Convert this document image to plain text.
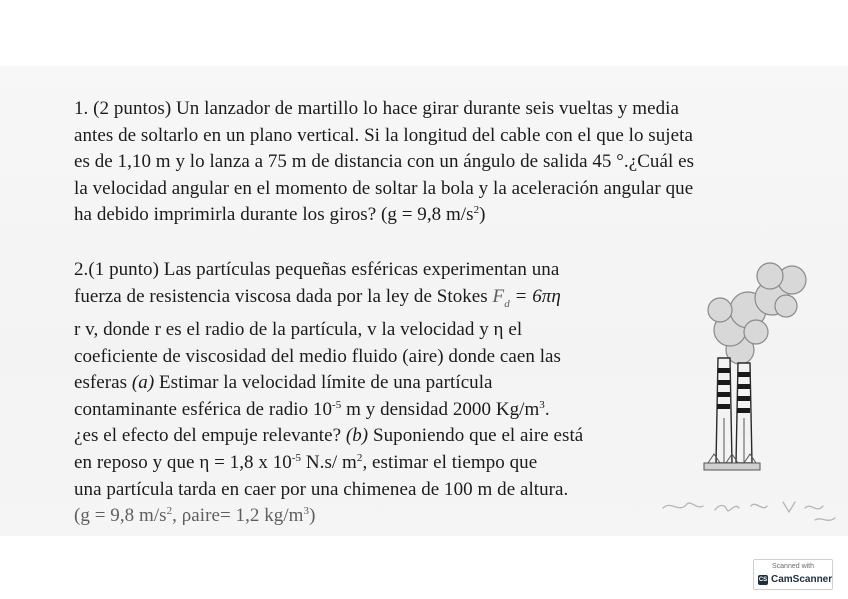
1. (2 puntos) Un lanzador de martillo lo hace girar durante seis vueltas y media
antes de soltarlo en un plano vertical. Si la longitud del cable con el que lo sujeta
es de 1,10 m y lo lanza a 75 m de distancia con un ángulo de salida 45 °.¿Cuál es
la velocidad angular en el momento de soltar la bola y la aceleración angular que
ha debido imprimirla durante los giros? (g = 9,8 $m/s^2$)
2.(1 punto) Las partículas pequeñas esféricas experimentan una
fuerza de resistencia viscosa dada por la ley de Stokes $F_d = 6\pi\eta$
r v, donde r es el radio de la partícula, v la velocidad y η el
coeficiente de viscosidad del medio fluido (aire) donde caen las
esferas (a) Estimar la velocidad límite de una partícula
contaminante esférica de radio $10^{-5}$ m y densidad 2000 $Kg/m^3$.
¿es el efecto del empuje relevante? (b) Suponiendo que el aire está
en reposo y que η = 1,8 x $10^{-5}$ N.s/ $m^2$, estimar el tiempo que
una partícula tarda en caer por una chimenea de 100 m de altura.
(g = 9,8 $m/s^2$, ρaire= 1,2 $kg/m^3$)
Scanned with
CS CamScanner
